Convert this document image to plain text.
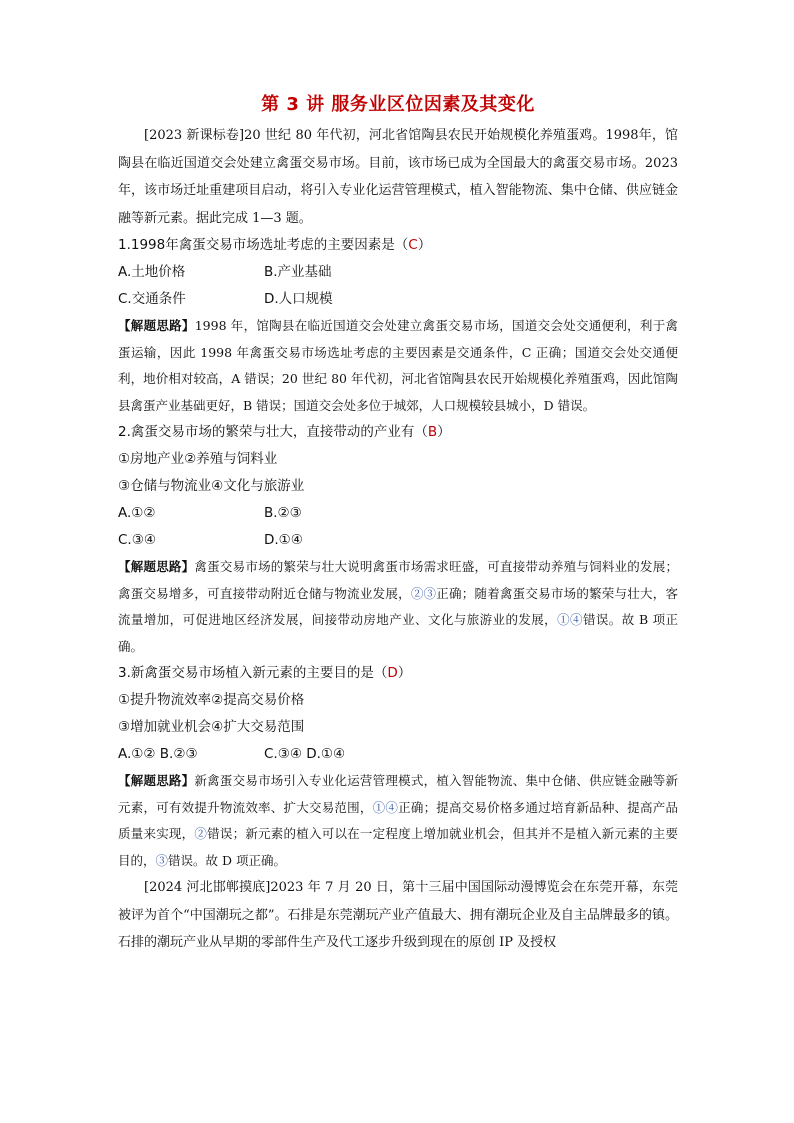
第 3 讲 服务业区位因素及其变化

[2023 新课标卷]20 世纪 80 年代初，河北省馆陶县农民开始规模化养殖蛋鸡。1998年，馆陶县在临近国道交会处建立禽蛋交易市场。目前，该市场已成为全国最大的禽蛋交易市场。2023 年，该市场迁址重建项目启动，将引入专业化运营管理模式，植入智能物流、集中仓储、供应链金融等新元素。据此完成 1—3 题。

1.1998年禽蛋交易市场选址考虑的主要因素是（C）

A.土地价格	B.产业基础
C.交通条件	D.人口规模

【解题思路】1998 年，馆陶县在临近国道交会处建立禽蛋交易市场，国道交会处交通便利，利于禽蛋运输，因此 1998 年禽蛋交易市场选址考虑的主要因素是交通条件，C 正确；国道交会处交通便利，地价相对较高，A 错误；20 世纪 80 年代初，河北省馆陶县农民开始规模化养殖蛋鸡，因此馆陶县禽蛋产业基础更好，B 错误；国道交会处多位于城郊，人口规模较县城小，D 错误。

2.禽蛋交易市场的繁荣与壮大，直接带动的产业有（B）

①房地产业②养殖与饲料业

③仓储与物流业④文化与旅游业

A.①②	B.②③
C.③④	D.①④

【解题思路】禽蛋交易市场的繁荣与壮大说明禽蛋市场需求旺盛，可直接带动养殖与饲料业的发展；禽蛋交易增多，可直接带动附近仓储与物流业发展，②③正确；随着禽蛋交易市场的繁荣与壮大，客流量增加，可促进地区经济发展，间接带动房地产业、文化与旅游业的发展，①④错误。故 B 项正确。

3.新禽蛋交易市场植入新元素的主要目的是（D）

①提升物流效率②提高交易价格

③增加就业机会④扩大交易范围

A.①② B.②③	C.③④ D.①④

【解题思路】新禽蛋交易市场引入专业化运营管理模式，植入智能物流、集中仓储、供应链金融等新元素，可有效提升物流效率、扩大交易范围，①④正确；提高交易价格多通过培育新品种、提高产品质量来实现，②错误；新元素的植入可以在一定程度上增加就业机会，但其并不是植入新元素的主要目的，③错误。故 D 项正确。

[2024 河北邯郸摸底]2023 年 7 月 20 日，第十三届中国国际动漫博览会在东莞开幕，东莞被评为首个“中国潮玩之都”。石排是东莞潮玩产业产值最大、拥有潮玩企业及自主品牌最多的镇。石排的潮玩产业从早期的零部件生产及代工逐步升级到现在的原创 IP 及授权
